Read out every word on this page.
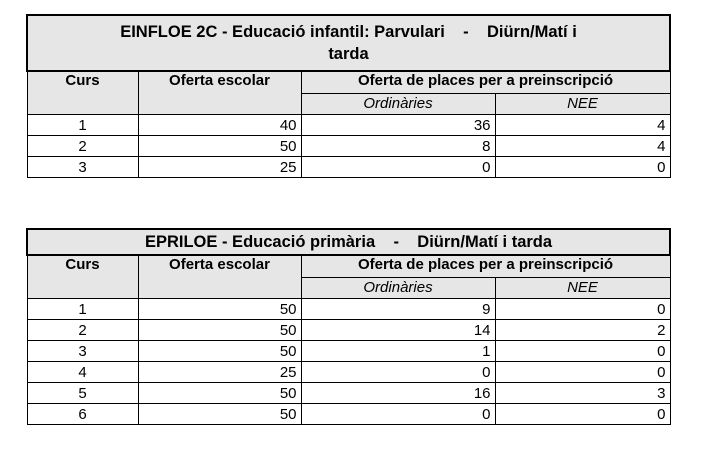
EINFLOE 2C - Educació infantil: Parvulari    -    Diürn/Matí i
tarda			
Curs	Oferta escolar	Oferta de places per a preinscripció	
		Ordinàries	NEE
1	40	36	4
2	50	8	4
3	25	0	0
EPRILOE - Educació primària    -    Diürn/Matí i tarda			
Curs	Oferta escolar	Oferta de places per a preinscripció	
		Ordinàries	NEE
1	50	9	0
2	50	14	2
3	50	1	0
4	25	0	0
5	50	16	3
6	50	0	0
